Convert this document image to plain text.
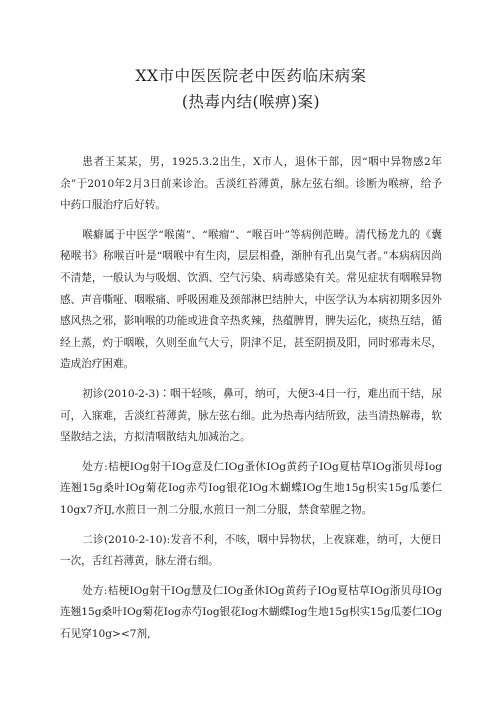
XX市中医医院老中医药临床病案
(热毒内结(喉痹)案)

患者王某某，男，1925.3.2出生，X市人，退休干部，因“咽中异物感2年余”于2010年2月3日前来诊治。舌淡红苔薄黄，脉左弦右细。诊断为喉痹，给予中药口服治疗后好转。

喉癖属于中医学“喉菌”、“喉瘤”、“喉百叶”等病例范畴。清代杨龙九的《囊秘喉书》称喉百叶是“咽喉中有生肉，层层相叠，渐肿有孔出臭气者。”本病病因尚不清楚，一般认为与吸烟、饮酒、空气污染、病毒感染有关。常见症状有咽喉异物感、声音嘶哑、咽喉痛、呼吸困难及颈部淋巴结肿大，中医学认为本病初期多因外感风热之邪，影响喉的功能或进食辛热炙辣，热蕴脾胃，脾失运化，痰热互结，循经上蒸，灼于咽喉，久则至血气大亏，阴津不足，甚至阴损及阳，同时邪毒未尽，造成治疗困难。

初诊(2010-2-3)∶咽干轻咳，鼻可，纳可，大便3-4日一行，难出而干结，尿可，入寐难，舌淡红苔薄黄，脉左弦右细。此为热毒内结所致，法当清热解毒，软坚散结之法，方拟清咽散结丸加减治之。

处方:桔梗IOg射干IOg意及仁IOg蚤休IOg黄药子IOg夏枯草IOg浙贝母Iog连翘15g桑叶IOg菊花Iog赤芍Iog银花IOg木蝴蝶IOg生地15g枳实15g瓜萎仁10gx7齐IJ,水煎日一剂二分服,水煎日一剂二分服，禁食荤腥之物。

二诊(2010-2-10):发音不利，不咳，咽中异物状，上夜寐难，纳可，大便日一次，舌红苔薄黄，脉左滑右细。

处方:桔梗IOg射干IOg慧及仁IOg蚤休IOg黄药子IOg夏枯草IOg浙贝母IOg连翘15g桑叶IOg菊花Iog赤芍Iog银花Iog木蝴蝶Iog生地15g枳实15g瓜萎仁IOg石见穿10g><7剂,
